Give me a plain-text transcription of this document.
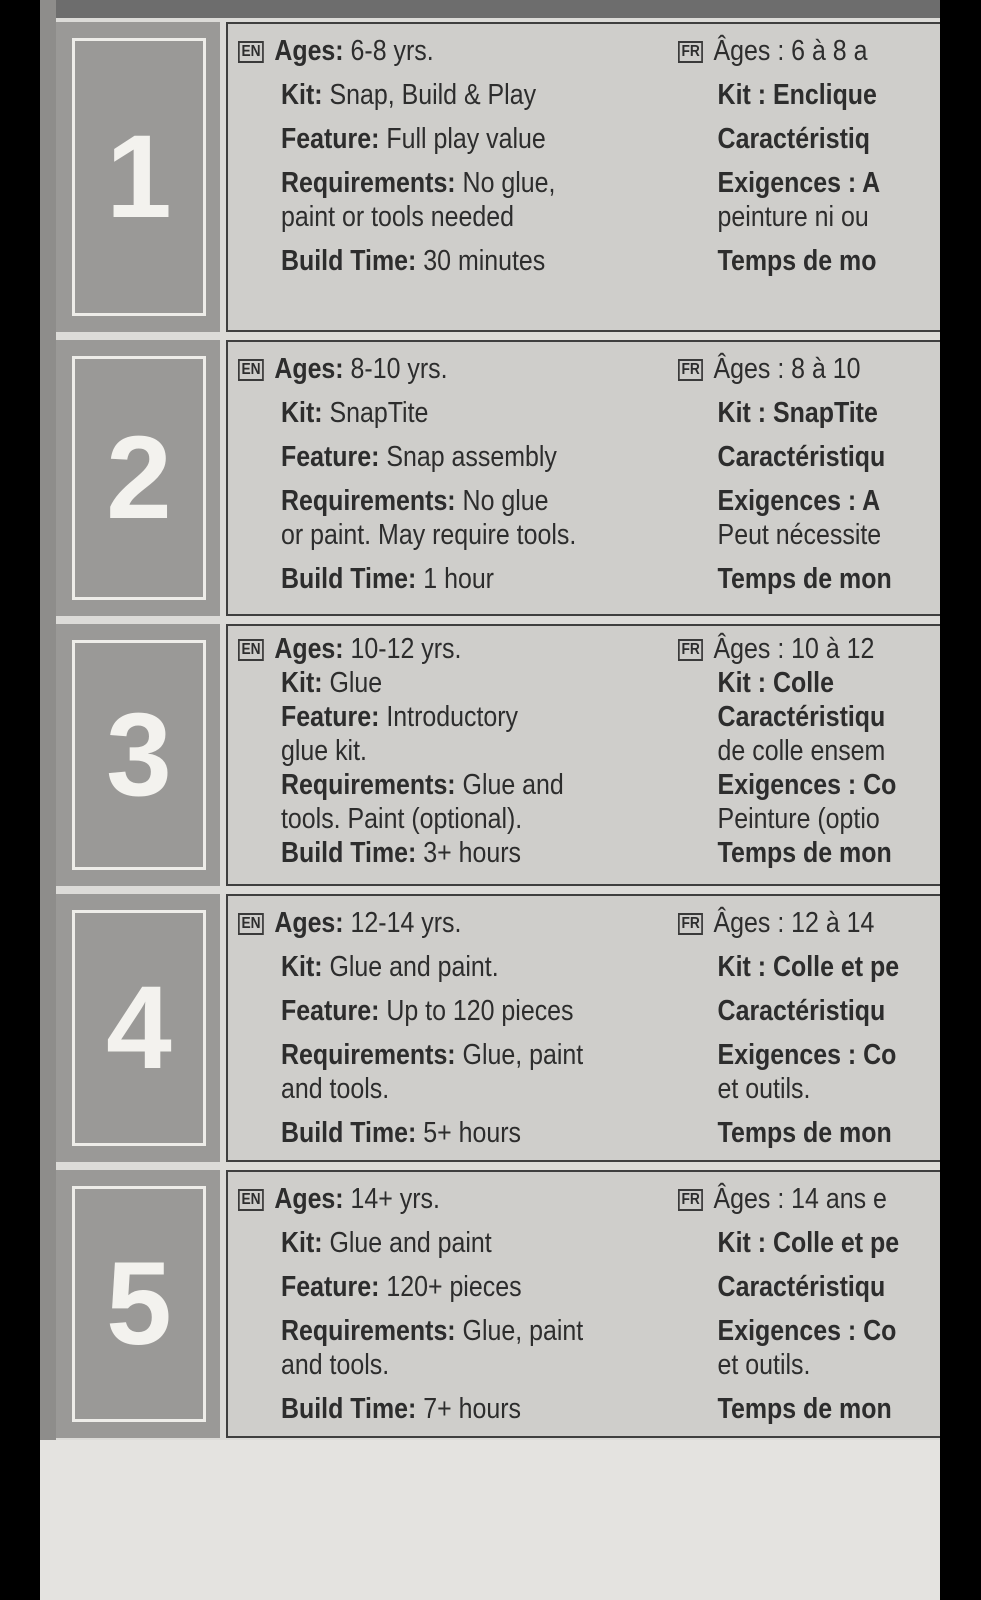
1
EN Ages: 6-8 yrs.
Kit: Snap, Build & Play
Feature: Full play value
Requirements: No glue,
paint or tools needed
Build Time: 30 minutes
FR Âges : 6 à 8 a
Kit : Enclique
Caractéristiq
Exigences : A
peinture ni ou
Temps de mo
2
EN Ages: 8-10 yrs.
Kit: SnapTite
Feature: Snap assembly
Requirements: No glue
or paint. May require tools.
Build Time: 1 hour
FR Âges : 8 à 10
Kit : SnapTite
Caractéristiqu
Exigences : A
Peut nécessite
Temps de mon
3
EN Ages: 10-12 yrs.
Kit: Glue
Feature: Introductory
glue kit.
Requirements: Glue and
tools. Paint (optional).
Build Time: 3+ hours
FR Âges : 10 à 12
Kit : Colle
Caractéristiqu
de colle ensem
Exigences : Co
Peinture (optio
Temps de mon
4
EN Ages: 12-14 yrs.
Kit: Glue and paint.
Feature: Up to 120 pieces
Requirements: Glue, paint
and tools.
Build Time: 5+ hours
FR Âges : 12 à 14
Kit : Colle et pe
Caractéristiqu
Exigences : Co
et outils.
Temps de mon
5
EN Ages: 14+ yrs.
Kit: Glue and paint
Feature: 120+ pieces
Requirements: Glue, paint
and tools.
Build Time: 7+ hours
FR Âges : 14 ans e
Kit : Colle et pe
Caractéristiqu
Exigences : Co
et outils.
Temps de mon
